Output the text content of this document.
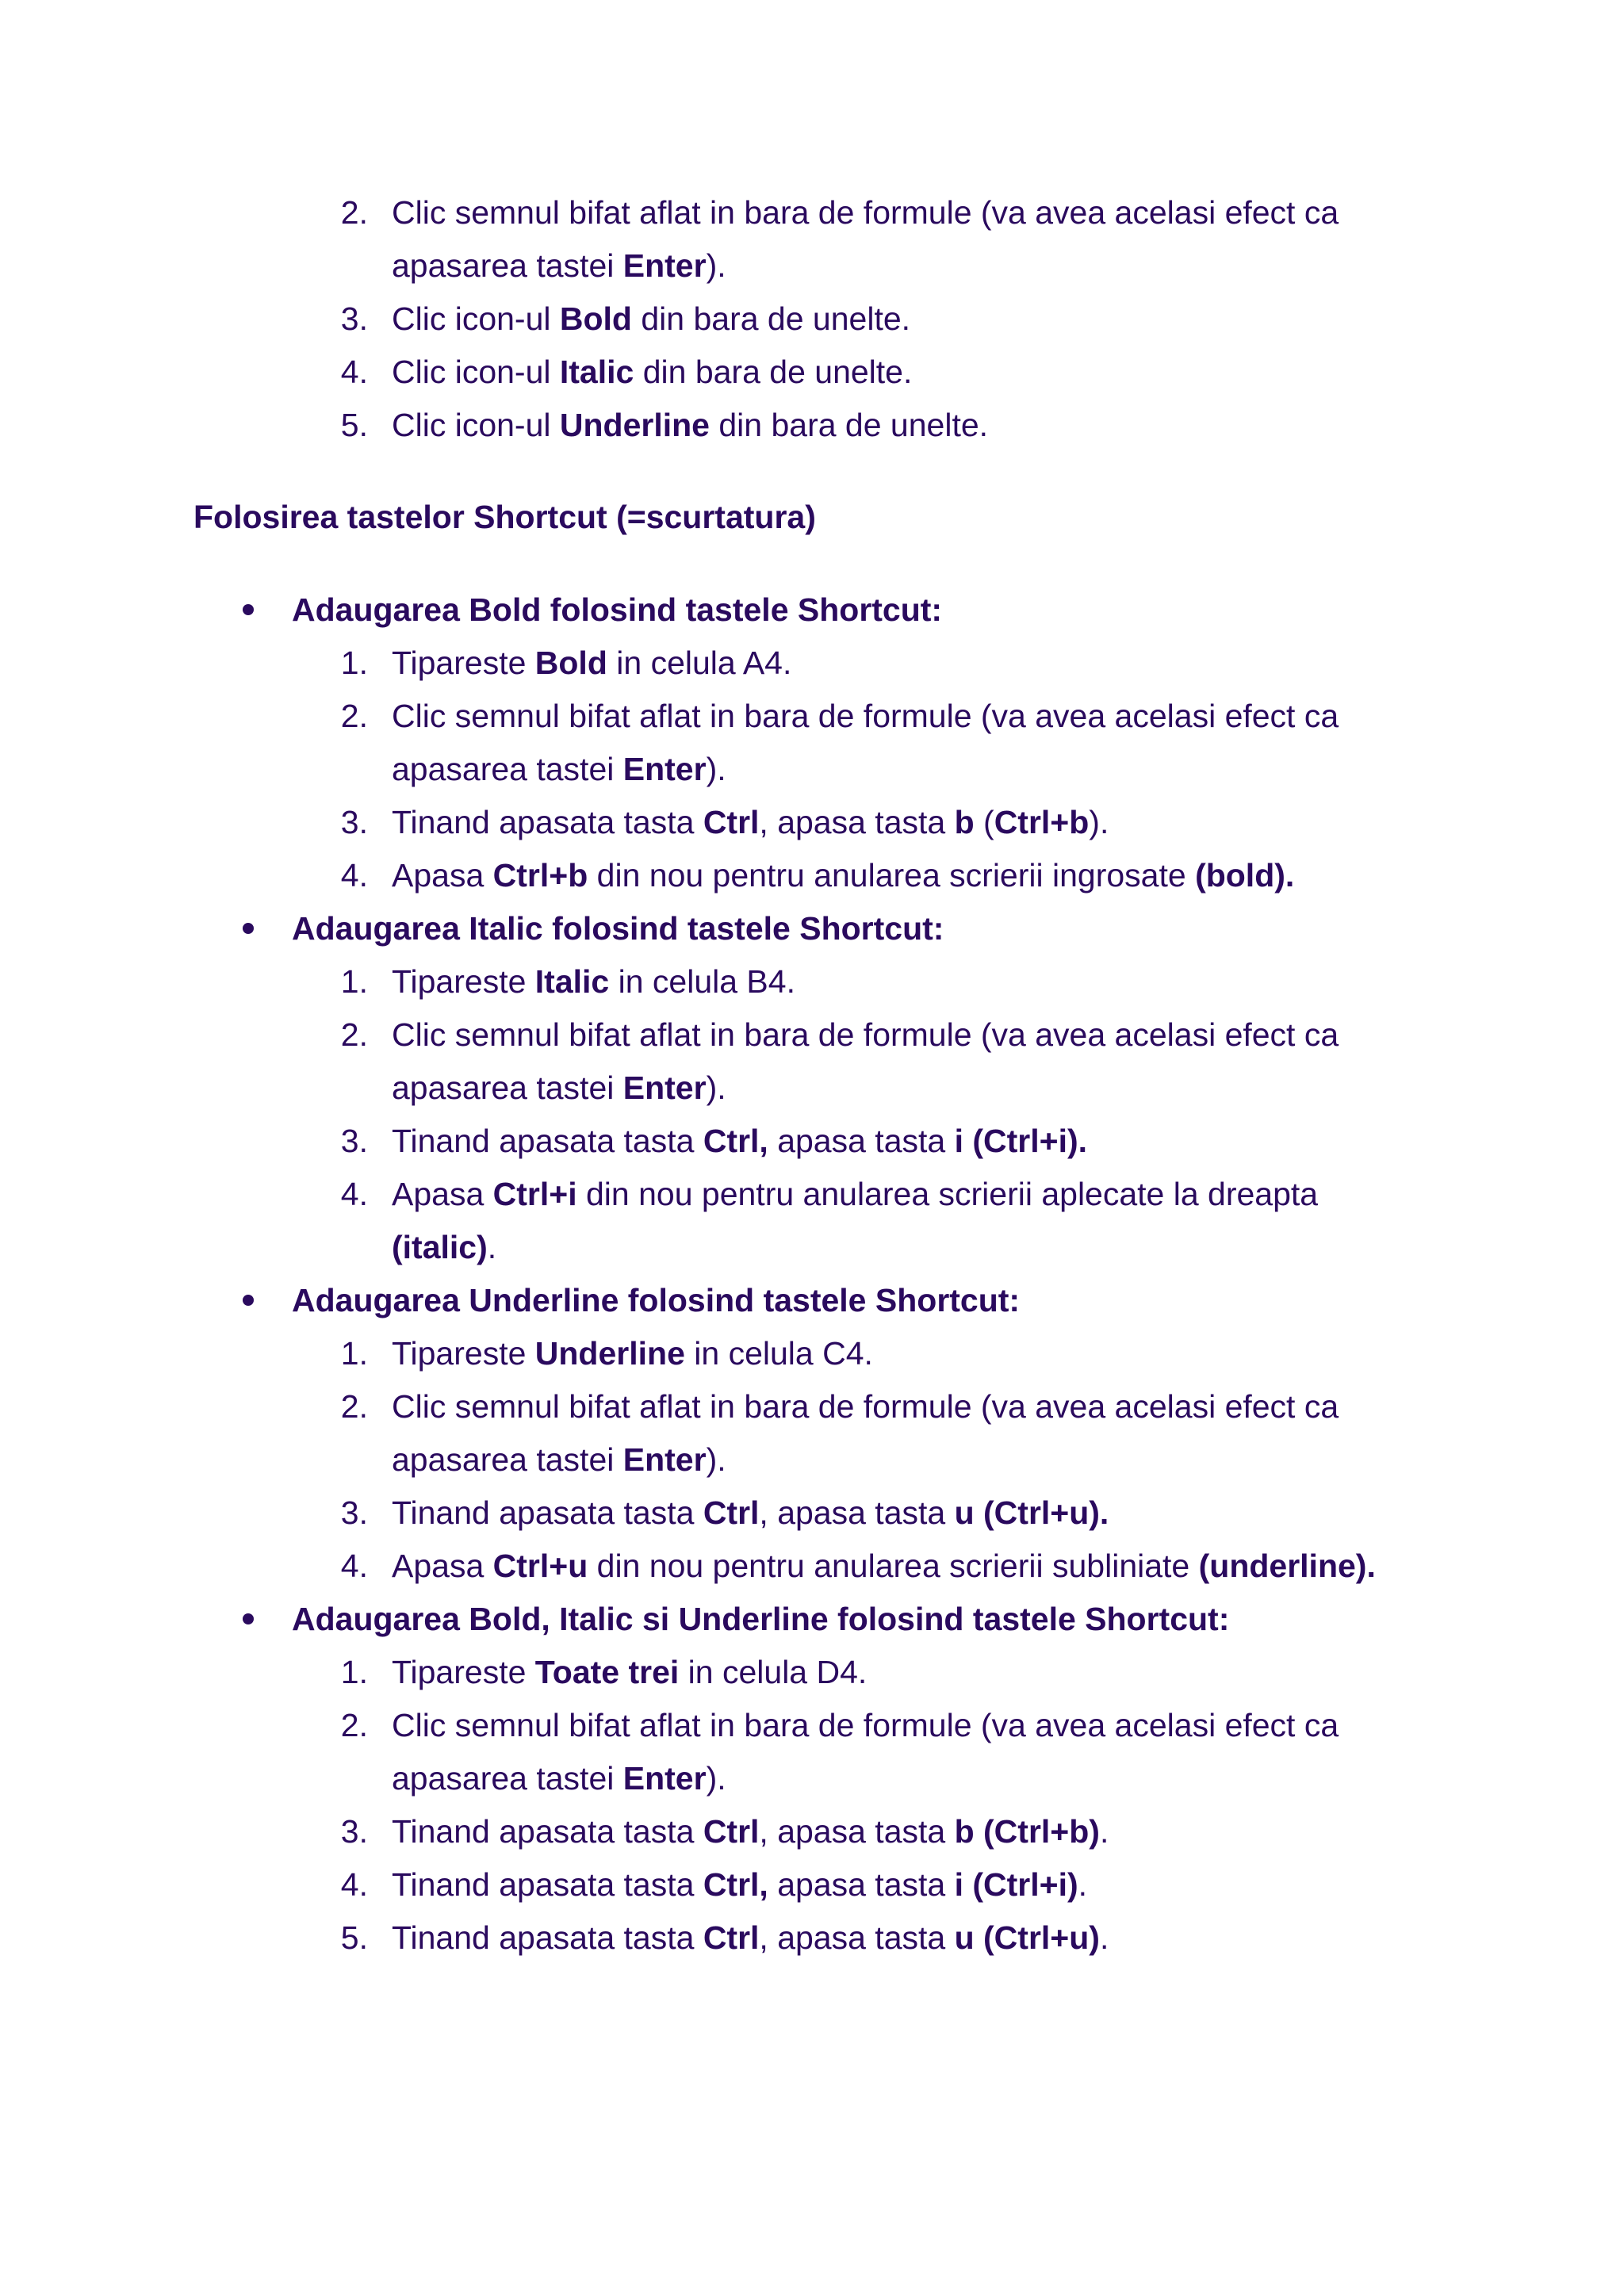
2. Clic semnul bifat aflat in bara de formule (va avea acelasi efect ca
apasarea tastei Enter).
3. Clic icon-ul Bold din bara de unelte.
4. Clic icon-ul Italic din bara de unelte.
5. Clic icon-ul Underline din bara de unelte.
Folosirea tastelor Shortcut (=scurtatura)
Adaugarea Bold folosind tastele Shortcut:
1. Tipareste Bold in celula A4.
2. Clic semnul bifat aflat in bara de formule (va avea acelasi efect ca
apasarea tastei Enter).
3. Tinand apasata tasta Ctrl, apasa tasta b (Ctrl+b).
4. Apasa Ctrl+b din nou pentru anularea scrierii ingrosate (bold).
Adaugarea Italic folosind tastele Shortcut:
1. Tipareste Italic in celula B4.
2. Clic semnul bifat aflat in bara de formule (va avea acelasi efect ca
apasarea tastei Enter).
3. Tinand apasata tasta Ctrl, apasa tasta i (Ctrl+i).
4. Apasa Ctrl+i din nou pentru anularea scrierii aplecate la dreapta
(italic).
Adaugarea Underline folosind tastele Shortcut:
1. Tipareste Underline in celula C4.
2. Clic semnul bifat aflat in bara de formule (va avea acelasi efect ca
apasarea tastei Enter).
3. Tinand apasata tasta Ctrl, apasa tasta u (Ctrl+u).
4. Apasa Ctrl+u din nou pentru anularea scrierii subliniate (underline).
Adaugarea Bold, Italic si Underline folosind tastele Shortcut:
1. Tipareste Toate trei in celula D4.
2. Clic semnul bifat aflat in bara de formule (va avea acelasi efect ca
apasarea tastei Enter).
3. Tinand apasata tasta Ctrl, apasa tasta b (Ctrl+b).
4. Tinand apasata tasta Ctrl, apasa tasta i (Ctrl+i).
5. Tinand apasata tasta Ctrl, apasa tasta u (Ctrl+u).
